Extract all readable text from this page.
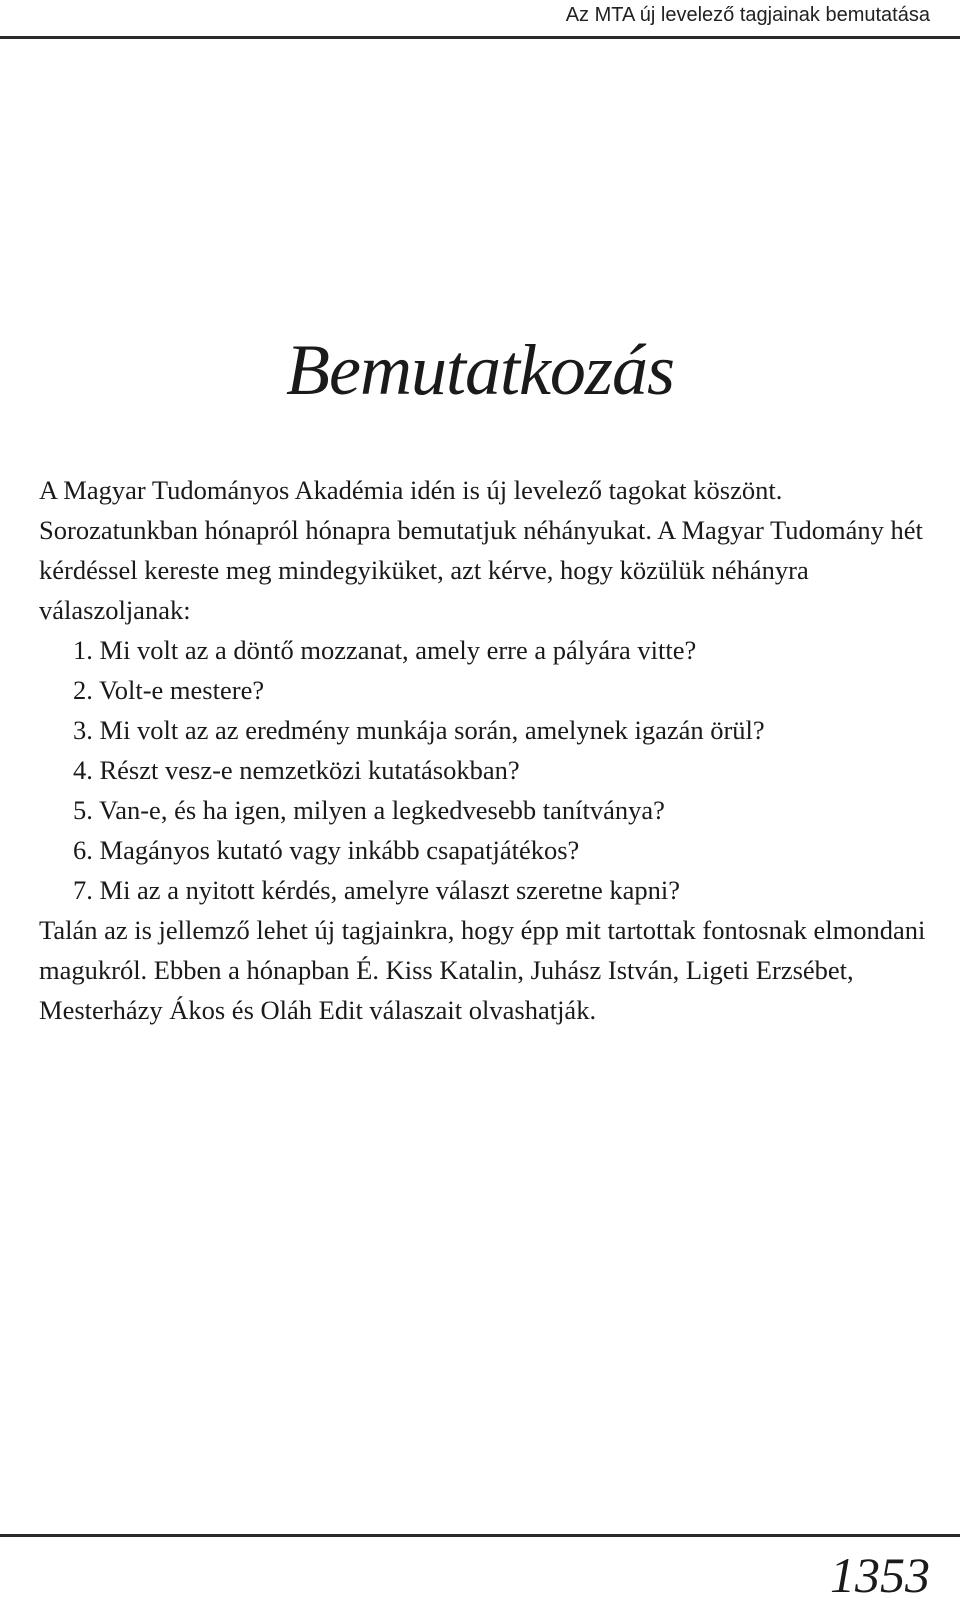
Az MTA új levelező tagjainak bemutatása
Bemutatkozás

A Magyar Tudományos Akadémia idén is új levelező tagokat köszönt. Sorozatunkban hónapról hónapra bemutatjuk néhányukat. A Magyar Tudomány hét kérdéssel kereste meg mindegyiküket, azt kérve, hogy közülük néhányra válaszoljanak:

1. Mi volt az a döntő mozzanat, amely erre a pályára vitte?
2. Volt-e mestere?
3. Mi volt az az eredmény munkája során, amelynek igazán örül?
4. Részt vesz-e nemzetközi kutatásokban?
5. Van-e, és ha igen, milyen a legkedvesebb tanítványa?
6. Magányos kutató vagy inkább csapatjátékos?
7. Mi az a nyitott kérdés, amelyre választ szeretne kapni?

Talán az is jellemző lehet új tagjainkra, hogy épp mit tartottak fontosnak elmondani magukról. Ebben a hónapban É. Kiss Katalin, Juhász István, Ligeti Erzsébet, Mesterházy Ákos és Oláh Edit válaszait olvashatják.

1353
